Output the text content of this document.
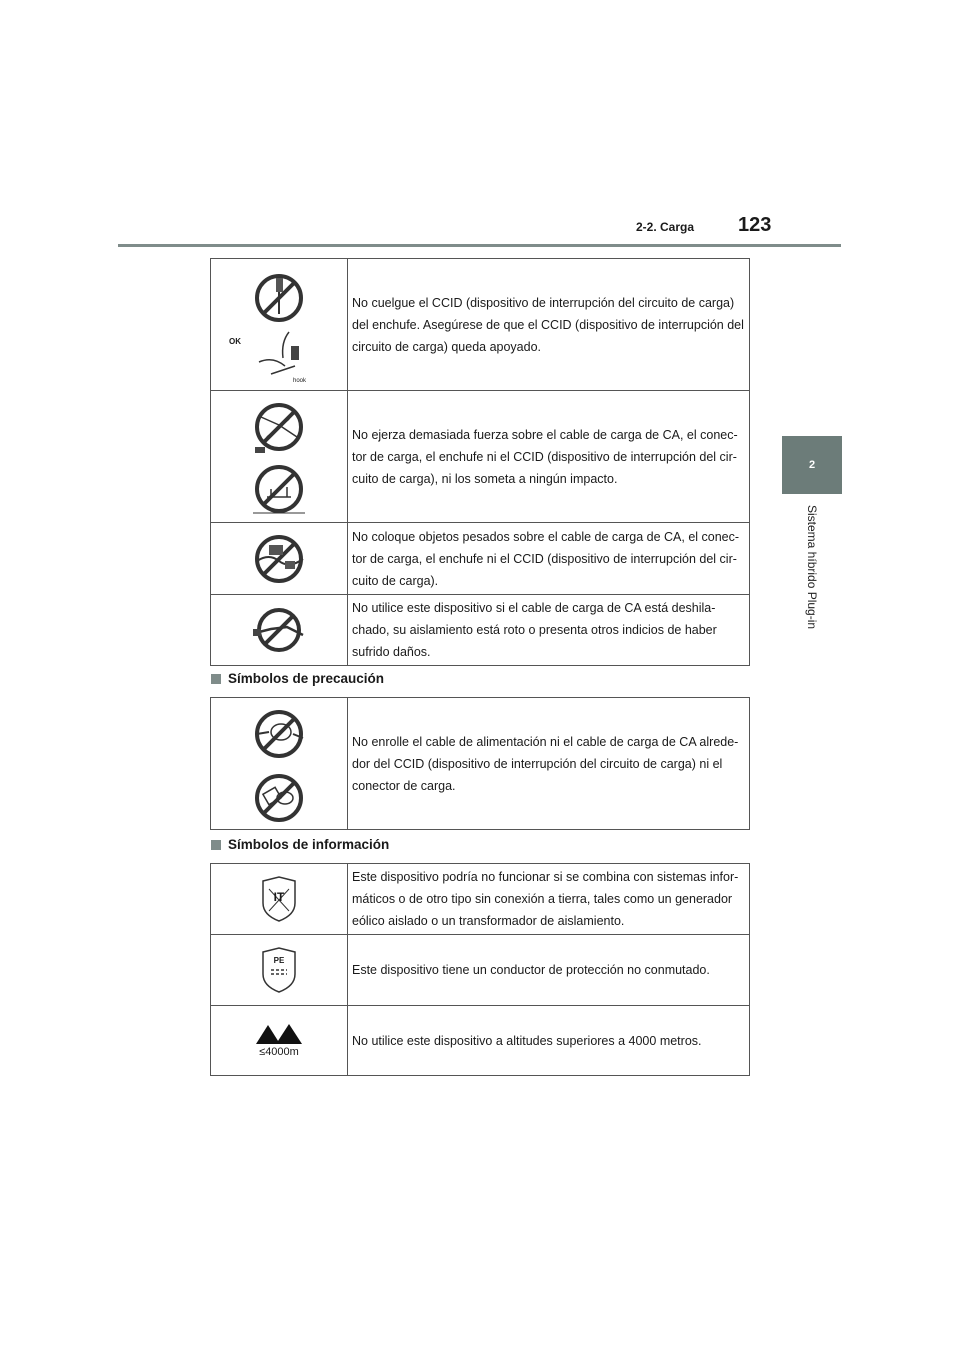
2-2. Carga 123
2
Sistema híbrido Plug-in
OK
hook	No cuelgue el CCID (dispositivo de interrupción del circuito de carga) del enchufe. Asegúrese de que el CCID (dispositivo de interrupción del circuito de carga) queda apoyado.

	No ejerza demasiada fuerza sobre el cable de carga de CA, el conec-tor de carga, el enchufe ni el CCID (dispositivo de interrupción del cir-cuito de carga), ni los someta a ningún impacto.

	No coloque objetos pesados sobre el cable de carga de CA, el conec-tor de carga, el enchufe ni el CCID (dispositivo de interrupción del cir-cuito de carga).

	No utilice este dispositivo si el cable de carga de CA está deshila-chado, su aislamiento está roto o presenta otros indicios de haber sufrido daños.
Símbolos de precaución
	No enrolle el cable de alimentación ni el cable de carga de CA alrede-dor del CCID (dispositivo de interrupción del circuito de carga) ni el conector de carga.
Símbolos de información
IT	Este dispositivo podría no funcionar si se combina con sistemas infor-máticos o de otro tipo sin conexión a tierra, tales como un generador eólico aislado o un transformador de aislamiento.

PE	Este dispositivo tiene un conductor de protección no conmutado.

≤4000m	No utilice este dispositivo a altitudes superiores a 4000 metros.
